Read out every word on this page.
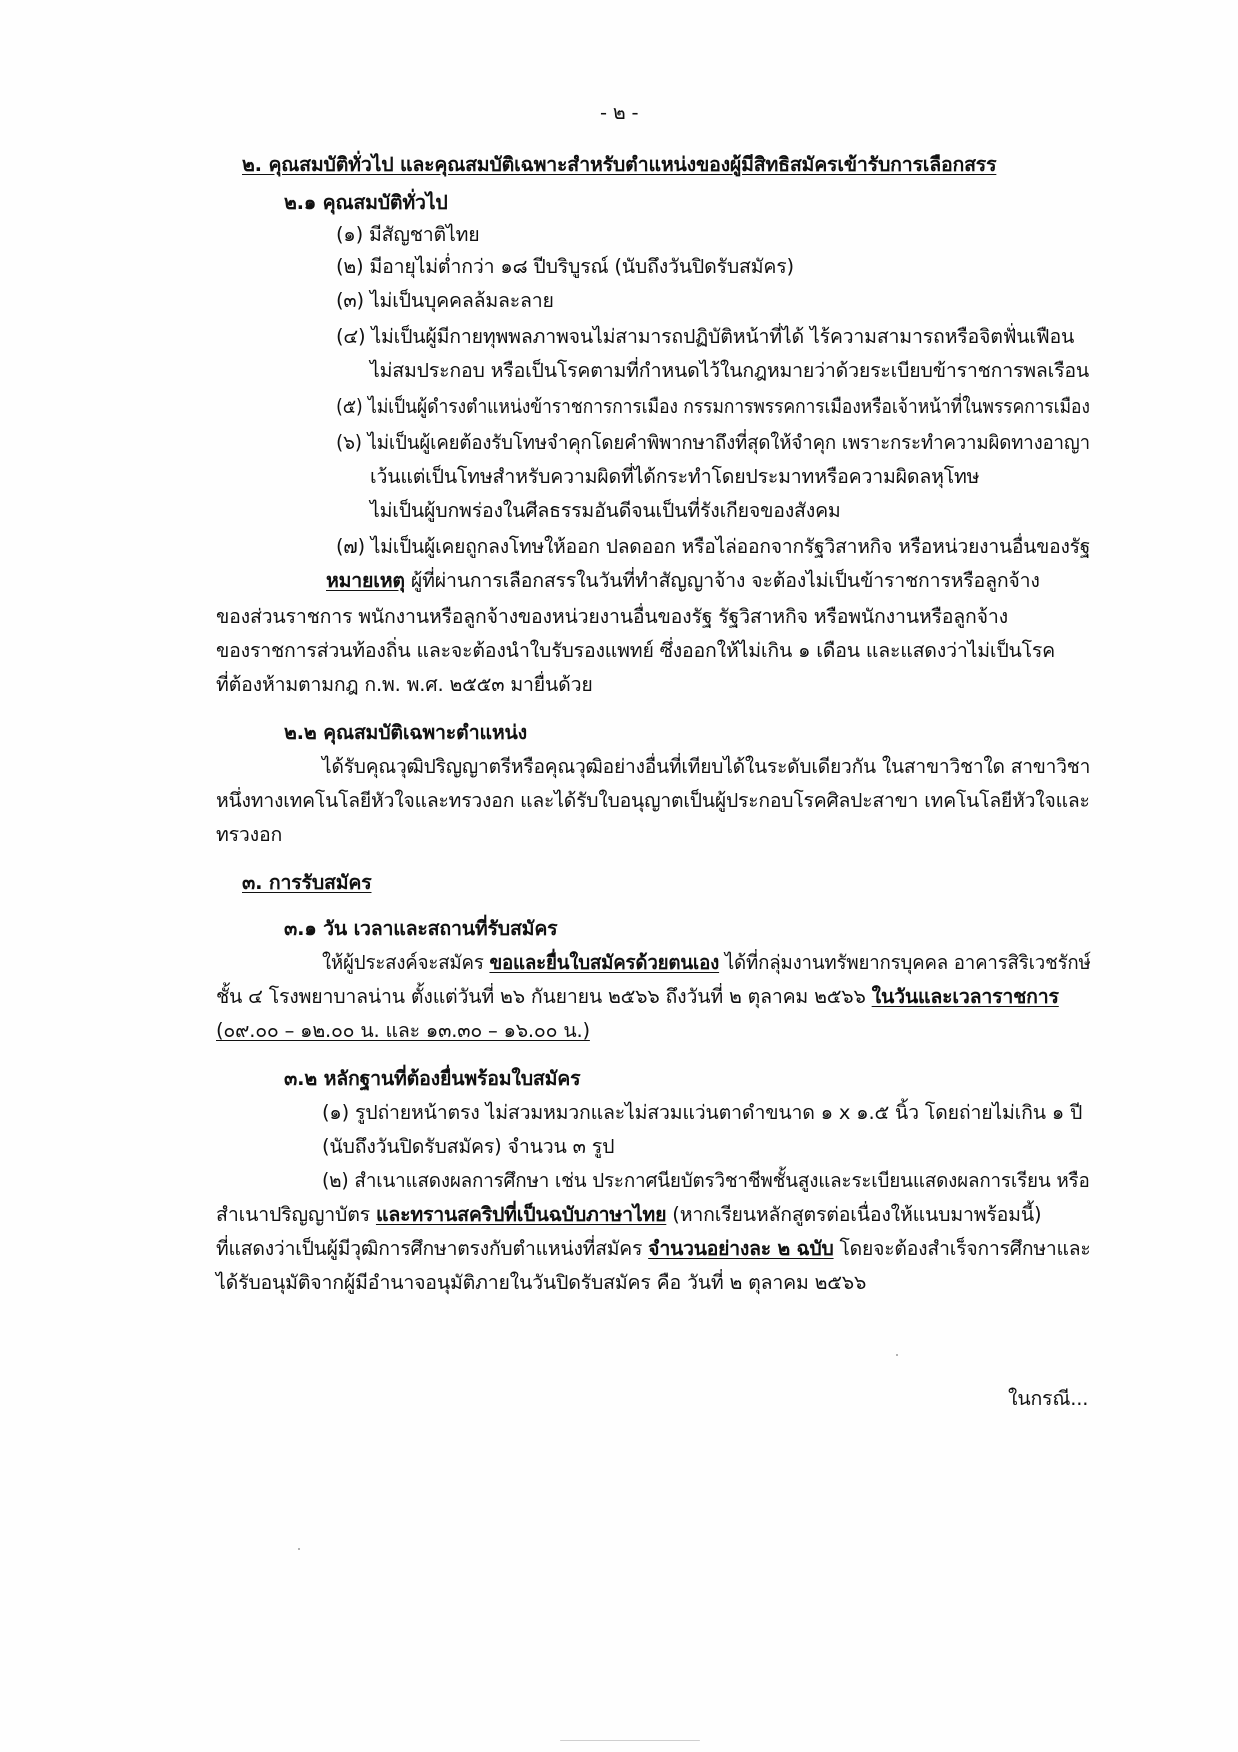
- ๒ -
๒. คุณสมบัติทั่วไป และคุณสมบัติเฉพาะสำหรับตำแหน่งของผู้มีสิทธิสมัครเข้ารับการเลือกสรร
๒.๑ คุณสมบัติทั่วไป
(๑) มีสัญชาติไทย
(๒) มีอายุไม่ต่ำกว่า ๑๘ ปีบริบูรณ์ (นับถึงวันปิดรับสมัคร)
(๓) ไม่เป็นบุคคลล้มละลาย
(๔) ไม่เป็นผู้มีกายทุพพลภาพจนไม่สามารถปฏิบัติหน้าที่ได้ ไร้ความสามารถหรือจิตฟั่นเฟือน
ไม่สมประกอบ หรือเป็นโรคตามที่กำหนดไว้ในกฎหมายว่าด้วยระเบียบข้าราชการพลเรือน
(๕) ไม่เป็นผู้ดำรงตำแหน่งข้าราชการการเมือง กรรมการพรรคการเมืองหรือเจ้าหน้าที่ในพรรคการเมือง
(๖) ไม่เป็นผู้เคยต้องรับโทษจำคุกโดยคำพิพากษาถึงที่สุดให้จำคุก เพราะกระทำความผิดทางอาญา
เว้นแต่เป็นโทษสำหรับความผิดที่ได้กระทำโดยประมาทหรือความผิดลหุโทษ
ไม่เป็นผู้บกพร่องในศีลธรรมอันดีจนเป็นที่รังเกียจของสังคม
(๗) ไม่เป็นผู้เคยถูกลงโทษให้ออก ปลดออก หรือไล่ออกจากรัฐวิสาหกิจ หรือหน่วยงานอื่นของรัฐ
หมายเหตุ ผู้ที่ผ่านการเลือกสรรในวันที่ทำสัญญาจ้าง จะต้องไม่เป็นข้าราชการหรือลูกจ้าง
ของส่วนราชการ พนักงานหรือลูกจ้างของหน่วยงานอื่นของรัฐ รัฐวิสาหกิจ หรือพนักงานหรือลูกจ้าง
ของราชการส่วนท้องถิ่น และจะต้องนำใบรับรองแพทย์ ซึ่งออกให้ไม่เกิน ๑ เดือน และแสดงว่าไม่เป็นโรค
ที่ต้องห้ามตามกฎ ก.พ. พ.ศ. ๒๕๕๓ มายื่นด้วย
๒.๒ คุณสมบัติเฉพาะตำแหน่ง
ได้รับคุณวุฒิปริญญาตรีหรือคุณวุฒิอย่างอื่นที่เทียบได้ในระดับเดียวกัน ในสาขาวิชาใด สาขาวิชา
หนึ่งทางเทคโนโลยีหัวใจและทรวงอก และได้รับใบอนุญาตเป็นผู้ประกอบโรคศิลปะสาขา เทคโนโลยีหัวใจและ
ทรวงอก
๓. การรับสมัคร
๓.๑ วัน เวลาและสถานที่รับสมัคร
ให้ผู้ประสงค์จะสมัคร ขอและยื่นใบสมัครด้วยตนเอง ได้ที่กลุ่มงานทรัพยากรบุคคล อาคารสิริเวชรักษ์
ชั้น ๔ โรงพยาบาลน่าน ตั้งแต่วันที่ ๒๖ กันยายน ๒๕๖๖ ถึงวันที่ ๒ ตุลาคม ๒๕๖๖ ในวันและเวลาราชการ
(๐๙.๐๐ – ๑๒.๐๐ น. และ ๑๓.๓๐ – ๑๖.๐๐ น.)
๓.๒ หลักฐานที่ต้องยื่นพร้อมใบสมัคร
(๑) รูปถ่ายหน้าตรง ไม่สวมหมวกและไม่สวมแว่นตาดำขนาด ๑ x ๑.๕ นิ้ว โดยถ่ายไม่เกิน ๑ ปี
(นับถึงวันปิดรับสมัคร) จำนวน ๓ รูป
(๒) สำเนาแสดงผลการศึกษา เช่น ประกาศนียบัตรวิชาชีพชั้นสูงและระเบียนแสดงผลการเรียน หรือ
สำเนาปริญญาบัตร และทรานสคริปที่เป็นฉบับภาษาไทย (หากเรียนหลักสูตรต่อเนื่องให้แนบมาพร้อมนี้)
ที่แสดงว่าเป็นผู้มีวุฒิการศึกษาตรงกับตำแหน่งที่สมัคร จำนวนอย่างละ ๒ ฉบับ โดยจะต้องสำเร็จการศึกษาและ
ได้รับอนุมัติจากผู้มีอำนาจอนุมัติภายในวันปิดรับสมัคร คือ วันที่ ๒ ตุลาคม ๒๕๖๖
ในกรณี...
